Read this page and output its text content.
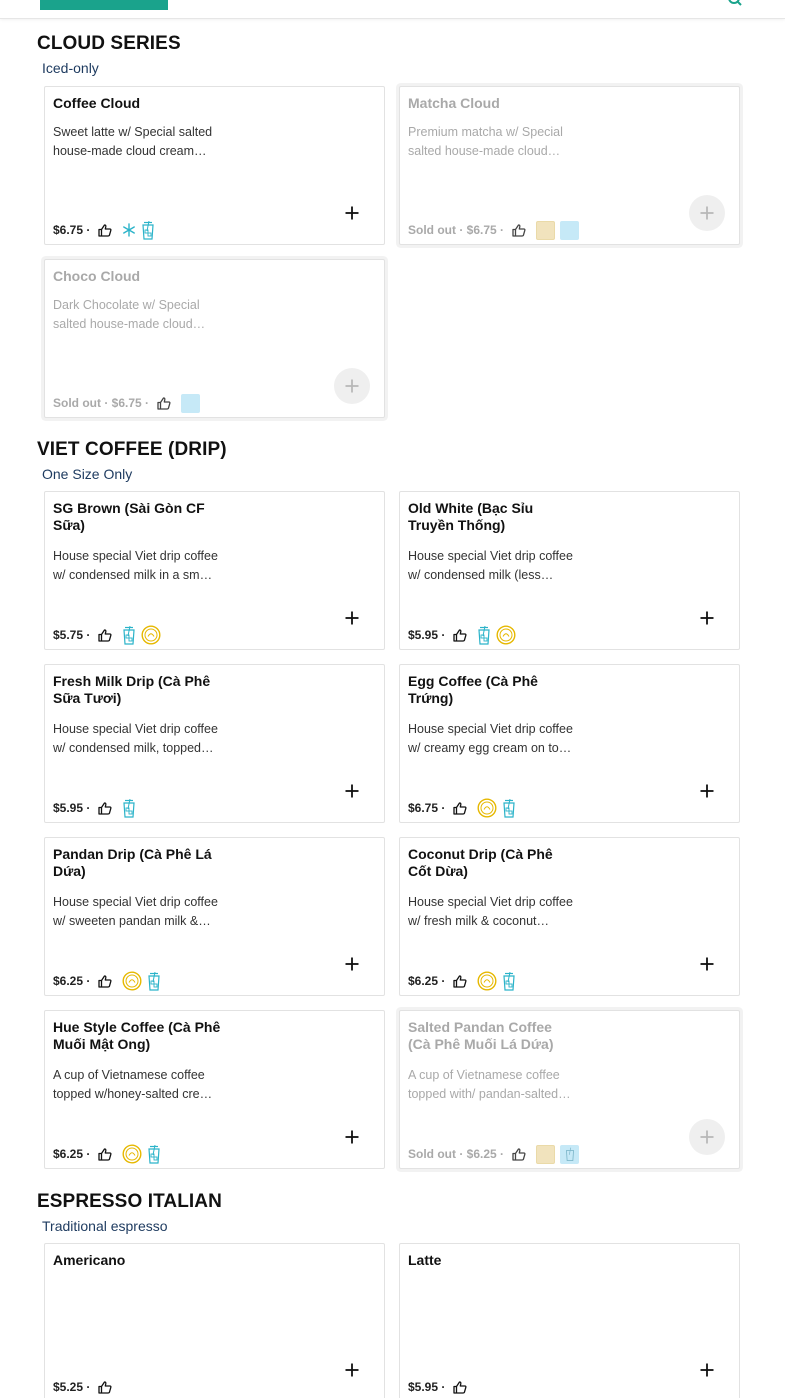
CLOUD SERIES
Iced-only
Coffee Cloud
Sweet latte w/ Special salted house-made cloud cream…
$6.75 ·
Matcha Cloud
Premium matcha w/ Special salted house-made cloud…
Sold out · $6.75 ·
Choco Cloud
Dark Chocolate w/ Special salted house-made cloud…
Sold out · $6.75 ·
VIET COFFEE (DRIP)
One Size Only
SG Brown (Sài Gòn CF Sữa)
House special Viet drip coffee w/ condensed milk in a sm…
$5.75 ·
Old White (Bạc Sỉu Truyền Thống)
House special Viet drip coffee w/ condensed milk (less…
$5.95 ·
Fresh Milk Drip (Cà Phê Sữa Tươi)
House special Viet drip coffee w/ condensed milk, topped…
$5.95 ·
Egg Coffee (Cà Phê Trứng)
House special Viet drip coffee w/ creamy egg cream on to…
$6.75 ·
Pandan Drip (Cà Phê Lá Dứa)
House special Viet drip coffee w/ sweeten pandan milk &…
$6.25 ·
Coconut Drip (Cà Phê Cốt Dừa)
House special Viet drip coffee w/ fresh milk & coconut…
$6.25 ·
Hue Style Coffee (Cà Phê Muối Mật Ong)
A cup of Vietnamese coffee topped w/honey-salted cre…
$6.25 ·
Salted Pandan Coffee (Cà Phê Muối Lá Dứa)
A cup of Vietnamese coffee topped with/ pandan-salted…
Sold out · $6.25 ·
ESPRESSO ITALIAN
Traditional espresso
Americano
$5.25 ·
Latte
$5.95 ·
